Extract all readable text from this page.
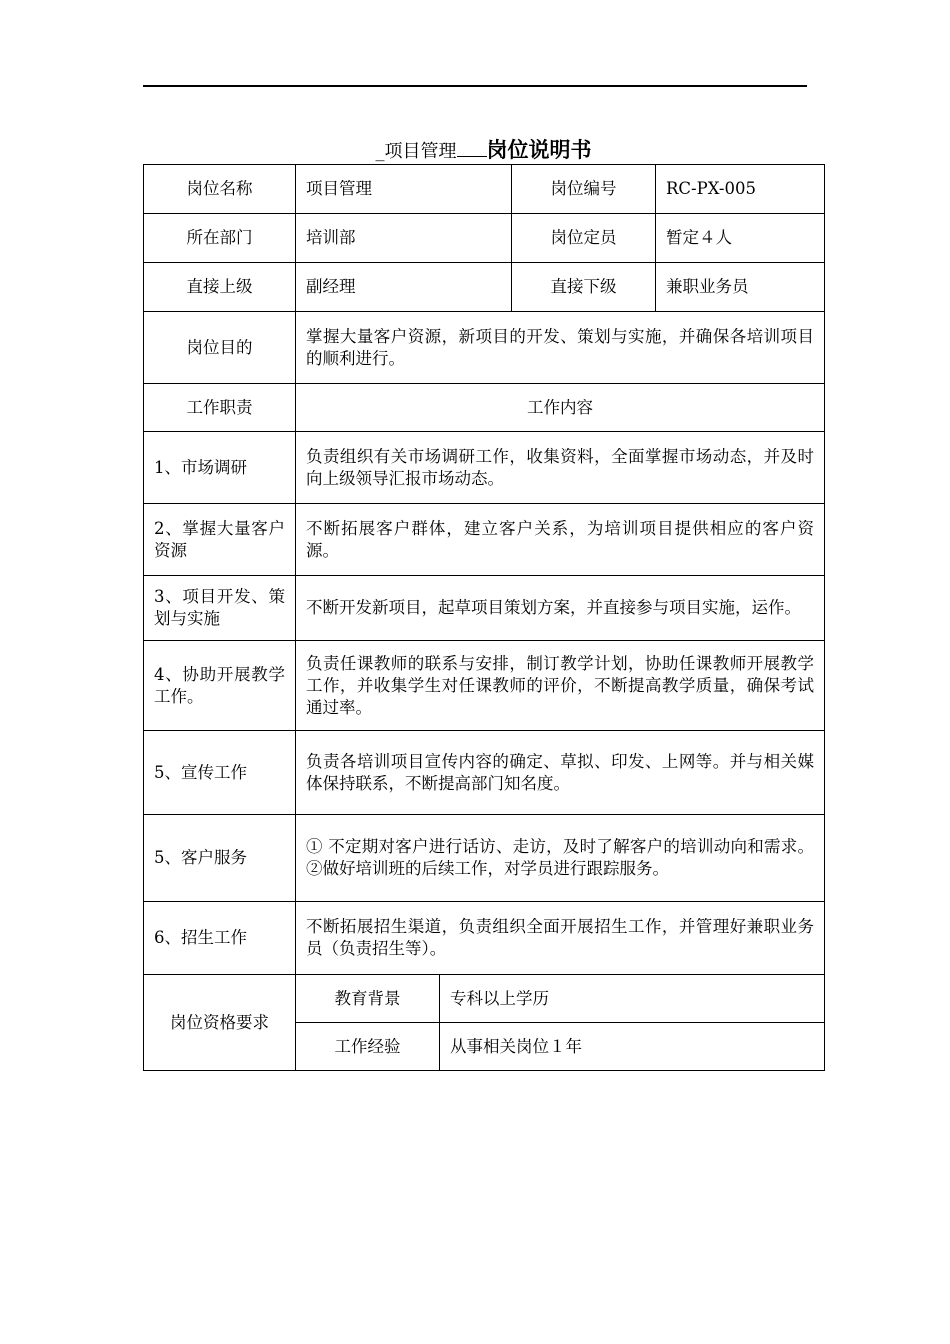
_项目管理 岗位说明书
岗位名称	项目管理		岗位编号	RC-PX-005
所在部门	培训部		岗位定员	暂定４人
直接上级	副经理		直接下级	兼职业务员
岗位目的	掌握大量客户资源，新项目的开发、策划与实施，并确保各培训项目的顺利进行。			
工作职责	工作内容			
1、市场调研	负责组织有关市场调研工作，收集资料，全面掌握市场动态，并及时向上级领导汇报市场动态。			
2、掌握大量客户资源	不断拓展客户群体，建立客户关系，为培训项目提供相应的客户资源。			
3、项目开发、策划与实施	不断开发新项目，起草项目策划方案，并直接参与项目实施，运作。			
4、协助开展教学工作。	负责任课教师的联系与安排，制订教学计划，协助任课教师开展教学工作，并收集学生对任课教师的评价，不断提高教学质量，确保考试通过率。			
5、宣传工作	负责各培训项目宣传内容的确定、草拟、印发、上网等。并与相关媒体保持联系，不断提高部门知名度。			
5、客户服务	① 不定期对客户进行话访、走访，及时了解客户的培训动向和需求。②做好培训班的后续工作，对学员进行跟踪服务。			
6、招生工作	不断拓展招生渠道，负责组织全面开展招生工作，并管理好兼职业务员（负责招生等）。			
岗位资格要求	教育背景	专科以上学历		
	工作经验	从事相关岗位１年		
